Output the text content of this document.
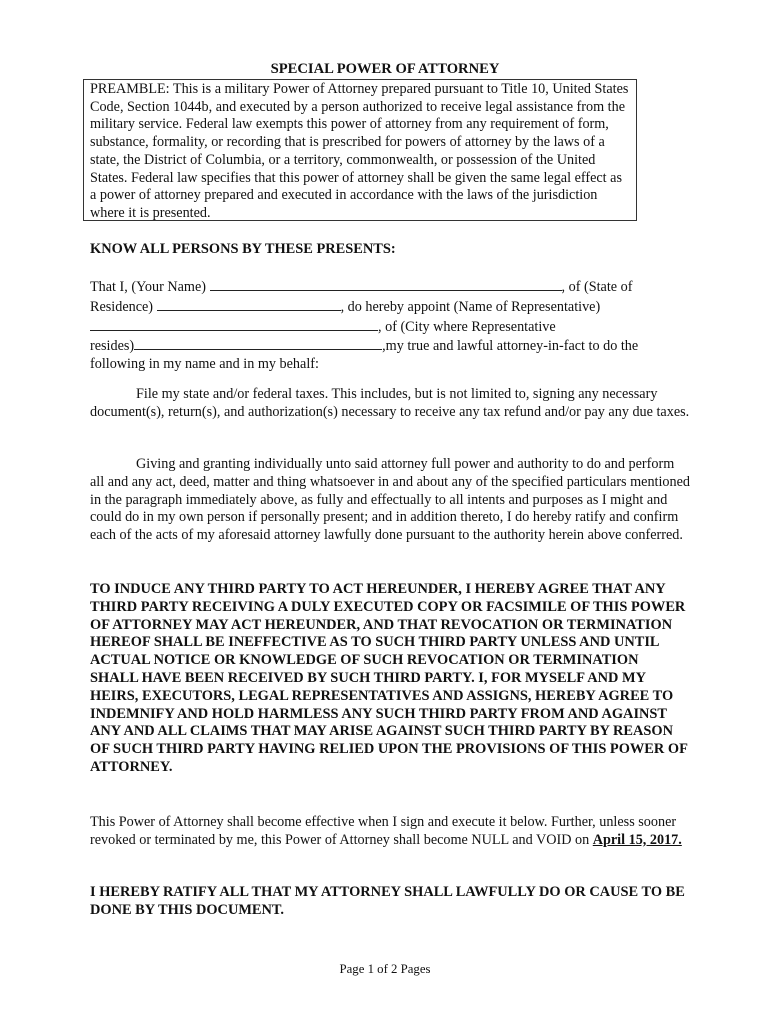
SPECIAL POWER OF ATTORNEY
PREAMBLE: This is a military Power of Attorney prepared pursuant to Title 10, United States Code, Section 1044b, and executed by a person authorized to receive legal assistance from the military service. Federal law exempts this power of attorney from any requirement of form, substance, formality, or recording that is prescribed for powers of attorney by the laws of a state, the District of Columbia, or a territory, commonwealth, or possession of the United States. Federal law specifies that this power of attorney shall be given the same legal effect as a power of attorney prepared and executed in accordance with the laws of the jurisdiction where it is presented.
KNOW ALL PERSONS BY THESE PRESENTS:
That I, (Your Name)	, of (State of
Residence)	, do hereby appoint (Name of Representative)
, of (City where Representative
resides)	,my true and lawful attorney-in-fact to do the
following in my name and in my behalf:
File my state and/or federal taxes. This includes, but is not limited to, signing any necessary document(s), return(s), and authorization(s) necessary to receive any tax refund and/or pay any due taxes.
Giving and granting individually unto said attorney full power and authority to do and perform all and any act, deed, matter and thing whatsoever in and about any of the specified particulars mentioned in the paragraph immediately above, as fully and effectually to all intents and purposes as I might and could do in my own person if personally present; and in addition thereto, I do hereby ratify and confirm each of the acts of my aforesaid attorney lawfully done pursuant to the authority herein above conferred.
TO INDUCE ANY THIRD PARTY TO ACT HEREUNDER, I HEREBY AGREE THAT ANY THIRD PARTY RECEIVING A DULY EXECUTED COPY OR FACSIMILE OF THIS POWER OF ATTORNEY MAY ACT HEREUNDER, AND THAT REVOCATION OR TERMINATION HEREOF SHALL BE INEFFECTIVE AS TO SUCH THIRD PARTY UNLESS AND UNTIL ACTUAL NOTICE OR KNOWLEDGE OF SUCH REVOCATION OR TERMINATION SHALL HAVE BEEN RECEIVED BY SUCH THIRD PARTY. I, FOR MYSELF AND MY HEIRS, EXECUTORS, LEGAL REPRESENTATIVES AND ASSIGNS, HEREBY AGREE TO INDEMNIFY AND HOLD HARMLESS ANY SUCH THIRD PARTY FROM AND AGAINST ANY AND ALL CLAIMS THAT MAY ARISE AGAINST SUCH THIRD PARTY BY REASON OF SUCH THIRD PARTY HAVING RELIED UPON THE PROVISIONS OF THIS POWER OF ATTORNEY.
This Power of Attorney shall become effective when I sign and execute it below. Further, unless sooner revoked or terminated by me, this Power of Attorney shall become NULL and VOID on April 15, 2017.
I HEREBY RATIFY ALL THAT MY ATTORNEY SHALL LAWFULLY DO OR CAUSE TO BE DONE BY THIS DOCUMENT.
Page 1 of 2 Pages
